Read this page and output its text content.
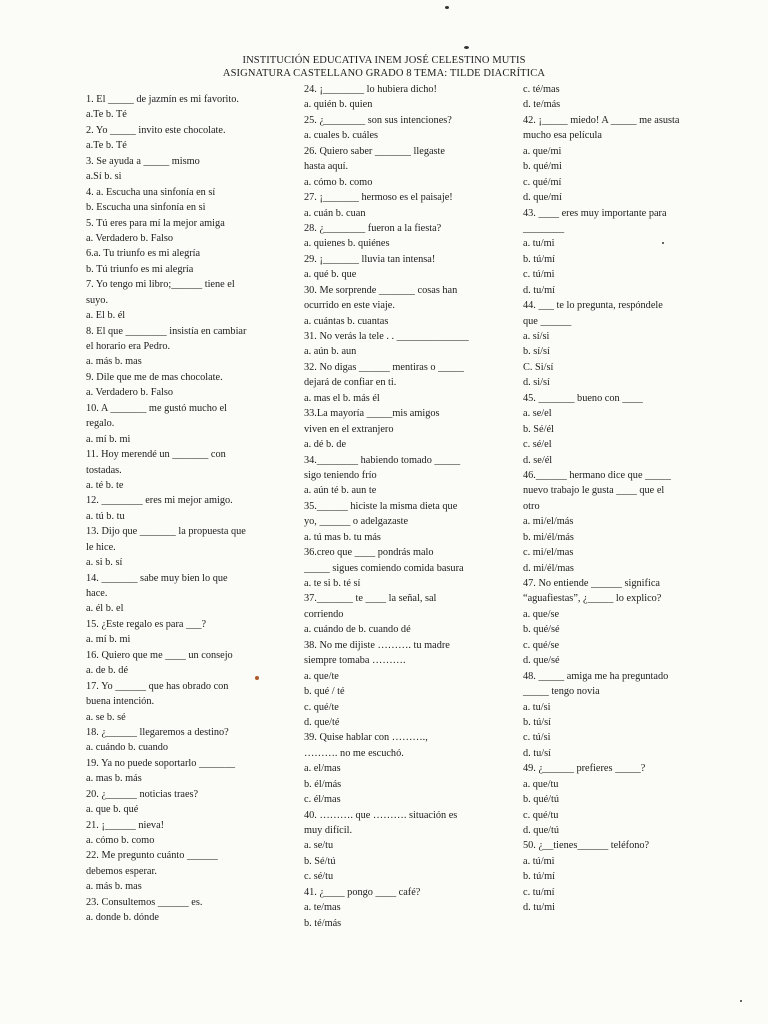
INSTITUCIÓN EDUCATIVA INEM JOSÉ CELESTINO MUTIS
ASIGNATURA CASTELLANO GRADO 8 TEMA: TILDE DIACRÍTICA
1. El _____ de jazmín es mi favorito.
a.Te b. Té
2. Yo _____ invito este chocolate.
a.Te b. Té
3. Se ayuda a _____ mismo
a.Sí b. si
4. a. Escucha una sinfonía en sí
b. Escucha una sinfonía en si
5. Tú eres para mí la mejor amiga
a. Verdadero b. Falso
6.a. Tu triunfo es mi alegría
b. Tú triunfo es mi alegría
7. Yo tengo mi libro;______ tiene el
suyo.
a. El b. él
8. El que ________ insistía en cambiar
el horario era Pedro.
a. más b. mas
9. Dile que me de mas chocolate.
a. Verdadero b. Falso
10. A _______ me gustó mucho el
regalo.
a. mí b. mi
11. Hoy merendé un _______ con
tostadas.
a. té b. te
12. ________ eres mi mejor amigo.
a. tú b. tu
13. Dijo que _______ la propuesta que
le hice.
a. si b. sí
14. _______ sabe muy bien lo que
hace.
a. él b. el
15. ¿Este regalo es para ___?
a. mí b. mi
16. Quiero que me ____ un consejo
a. de b. dé
17. Yo ______ que has obrado con
buena intención.
a. se b. sé
18. ¿______ llegaremos a destino?
a. cuándo b. cuando
19. Ya no puede soportarlo _______
a. mas b. más
20. ¿______ noticias traes?
a. que b. qué
21. ¡______ nieva!
a. cómo b. como
22. Me pregunto cuánto ______
debemos esperar.
a. más b. mas
23. Consultemos ______ es.
a. donde b. dónde
24. ¡________ lo hubiera dicho!
a. quién b. quien
25. ¿________ son sus intenciones?
a. cuales b. cuáles
26. Quiero saber _______ llegaste
hasta aquí.
a. cómo b. como
27. ¡_______ hermoso es el paisaje!
a. cuán b. cuan
28. ¿________ fueron a la fiesta?
a. quienes b. quiénes
29. ¡_______ lluvia tan intensa!
a. qué b. que
30. Me sorprende _______ cosas han
ocurrido en este viaje.
a. cuántas b. cuantas
31. No verás la tele . . ______________
a. aún b. aun
32. No digas ______ mentiras o _____
dejará de confiar en ti.
a. mas el b. más él
33.La mayoría _____mis amigos
viven en el extranjero
a. dé b. de
34.________ habiendo tomado _____
sigo teniendo frío
a. aún té b. aun te
35.______ hiciste la misma dieta que
yo, ______ o adelgazaste
a. tú mas b. tu más
36.creo que ____ pondrás malo
_____ sigues comiendo comida basura
a. te si b. té sí
37._______ te ____ la señal, sal
corriendo
a. cuándo de b. cuando dé
38. No me dijiste ………. tu madre
siempre tomaba ……….
a. que/te
b. qué / té
c. qué/te
d. que/té
39. Quise hablar con ……….,
………. no me escuchó.
a. el/mas
b. él/más
c. él/mas
40. ………. que ………. situación es
muy difícil.
a. se/tu
b. Sé/tú
c. sé/tu
41. ¿____ pongo ____ café?
a. te/mas
b. té/más
c. té/mas
d. te/más
42. ¡_____ miedo! A _____ me asusta
mucho esa película
a. que/mi
b. qué/mi
c. qué/mí
d. que/mí
43. ____ eres muy importante para
________
a. tu/mi
b. tú/mí
c. tú/mi
d. tu/mí
44. ___ te lo pregunta, respóndele
que ______
a. sí/si
b. sí/sí
C. Si/sí
d. si/sí
45. _______ bueno con ____
a. se/el
b. Sé/él
c. sé/el
d. se/él
46.______ hermano dice que _____
nuevo trabajo le gusta ____ que el
otro
a. mi/el/más
b. mi/él/más
c. mi/el/mas
d. mi/él/mas
47. No entiende ______ significa
“aguafiestas”, ¿_____ lo explico?
a. que/se
b. qué/sé
c. qué/se
d. que/sé
48. _____ amiga me ha preguntado
_____ tengo novia
a. tu/si
b. tú/sí
c. tú/si
d. tu/sí
49. ¿______ prefieres _____?
a. que/tu
b. qué/tú
c. qué/tu
d. que/tú
50. ¿__tienes______ teléfono?
a. tú/mi
b. tú/mí
c. tu/mí
d. tu/mi
